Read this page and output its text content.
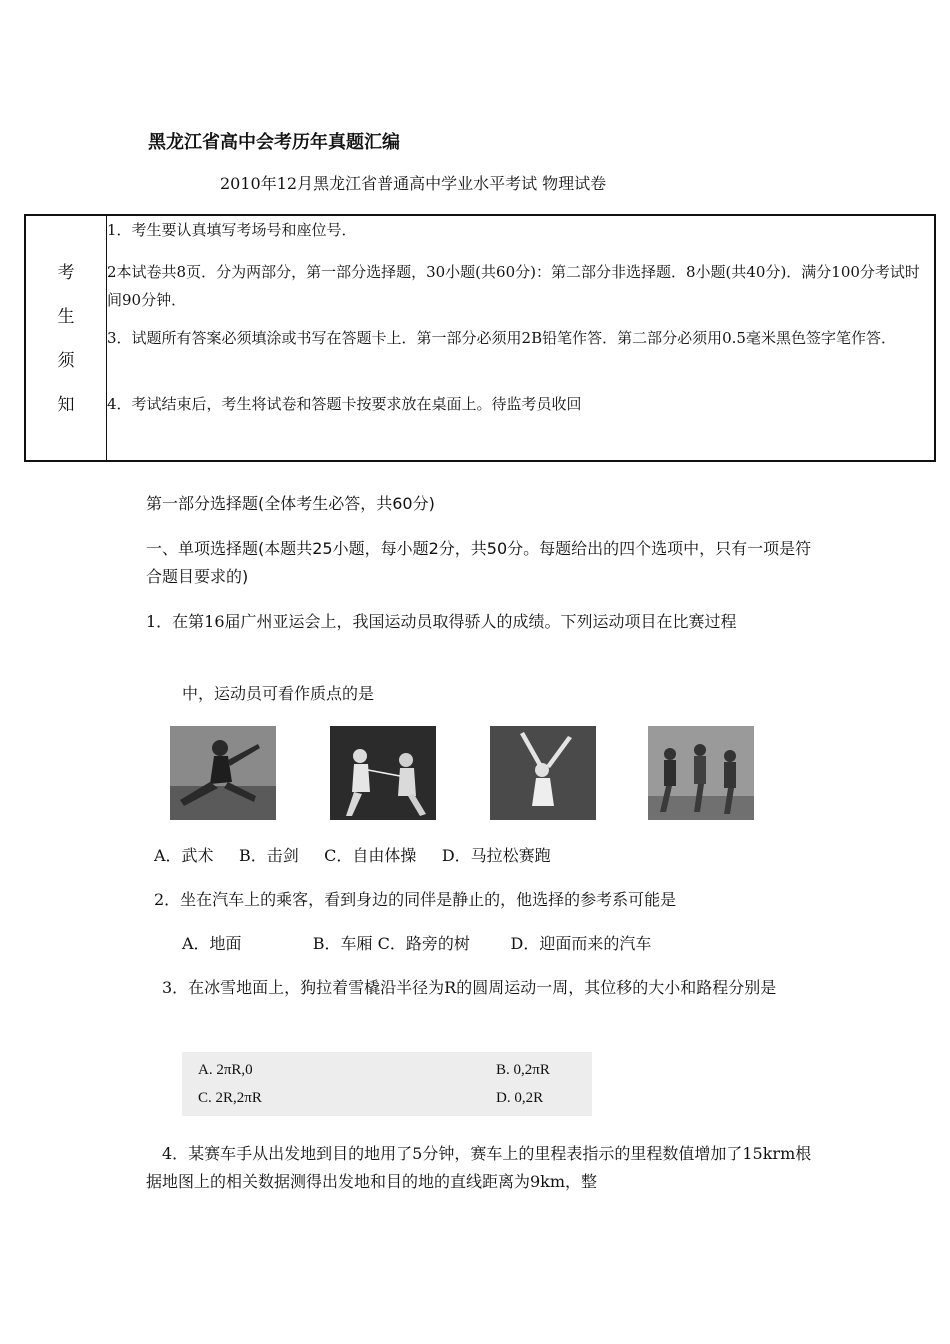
黑龙江省高中会考历年真题汇编
2010年12月黑龙江省普通高中学业水平考试 物理试卷
考
生
须
知

1．考生要认真填写考场号和座位号．

2本试卷共8页．分为两部分，第一部分选择题，30小题(共60分)：第二部分非选择题．8小题(共40分)．满分100分考试时间90分钟．

3．试题所有答案必须填涂或书写在答题卡上．第一部分必须用2B铅笔作答．第二部分必须用0.5毫米黑色签字笔作答．

4．考试结束后，考生将试卷和答题卡按要求放在桌面上。待监考员收回

第一部分选择题(全体考生必答，共60分)
一、单项选择题(本题共25小题，每小题2分，共50分。每题给出的四个选项中，只有一项是符合题目要求的)
1．在第16届广州亚运会上，我国运动员取得骄人的成绩。下列运动项目在比赛过程
中，运动员可看作质点的是
A．武术     B．击剑     C．自由体操     D．马拉松赛跑
2．坐在汽车上的乘客，看到身边的同伴是静止的，他选择的参考系可能是
A．地面              B．车厢 C．路旁的树        D．迎面而来的汽车
3．在冰雪地面上，狗拉着雪橇沿半径为R的圆周运动一周，其位移的大小和路程分别是
A. 2πR,0	B. 0,2πR
C. 2R,2πR	D. 0,2R
4．某赛车手从出发地到目的地用了5分钟，赛车上的里程表指示的里程数值增加了15krm根据地图上的相关数据测得出发地和目的地的直线距离为9km，整
